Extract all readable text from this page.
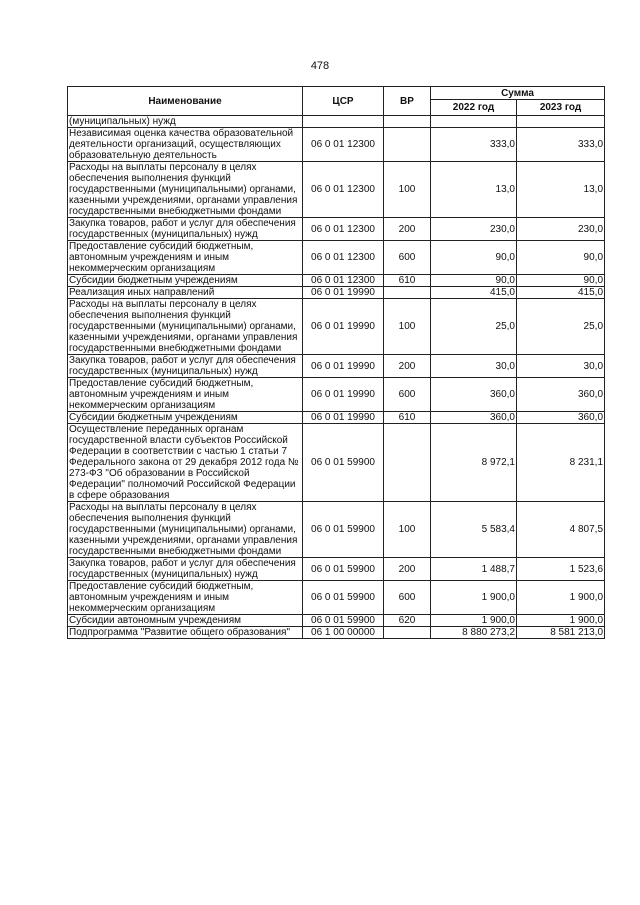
478
Наименование	ЦСР	ВР	Сумма	
			2022 год	2023 год
(муниципальных) нужд				
Независимая оценка качества образовательной деятельности организаций, осуществляющих образовательную деятельность	06 0 01 12300		333,0	333,0
Расходы на выплаты персоналу в целях обеспечения выполнения функций государственными (муниципальными) органами, казенными учреждениями, органами управления государственными внебюджетными фондами	06 0 01 12300	100	13,0	13,0
Закупка товаров, работ и услуг для обеспечения государственных (муниципальных) нужд	06 0 01 12300	200	230,0	230,0
Предоставление субсидий бюджетным, автономным учреждениям и иным некоммерческим организациям	06 0 01 12300	600	90,0	90,0
Субсидии бюджетным учреждениям	06 0 01 12300	610	90,0	90,0
Реализация иных направлений	06 0 01 19990		415,0	415,0
Расходы на выплаты персоналу в целях обеспечения выполнения функций государственными (муниципальными) органами, казенными учреждениями, органами управления государственными внебюджетными фондами	06 0 01 19990	100	25,0	25,0
Закупка товаров, работ и услуг для обеспечения государственных (муниципальных) нужд	06 0 01 19990	200	30,0	30,0
Предоставление субсидий бюджетным, автономным учреждениям и иным некоммерческим организациям	06 0 01 19990	600	360,0	360,0
Субсидии бюджетным учреждениям	06 0 01 19990	610	360,0	360,0
Осуществление переданных органам государственной власти субъектов Российской Федерации в соответствии с частью 1 статьи 7 Федерального закона от 29 декабря 2012 года № 273-ФЗ "Об образовании в Российской Федерации" полномочий Российской Федерации в сфере образования	06 0 01 59900		8 972,1	8 231,1
Расходы на выплаты персоналу в целях обеспечения выполнения функций государственными (муниципальными) органами, казенными учреждениями, органами управления государственными внебюджетными фондами	06 0 01 59900	100	5 583,4	4 807,5
Закупка товаров, работ и услуг для обеспечения государственных (муниципальных) нужд	06 0 01 59900	200	1 488,7	1 523,6
Предоставление субсидий бюджетным, автономным учреждениям и иным некоммерческим организациям	06 0 01 59900	600	1 900,0	1 900,0
Субсидии автономным учреждениям	06 0 01 59900	620	1 900,0	1 900,0
Подпрограмма "Развитие общего образования"	06 1 00 00000		8 880 273,2	8 581 213,0
